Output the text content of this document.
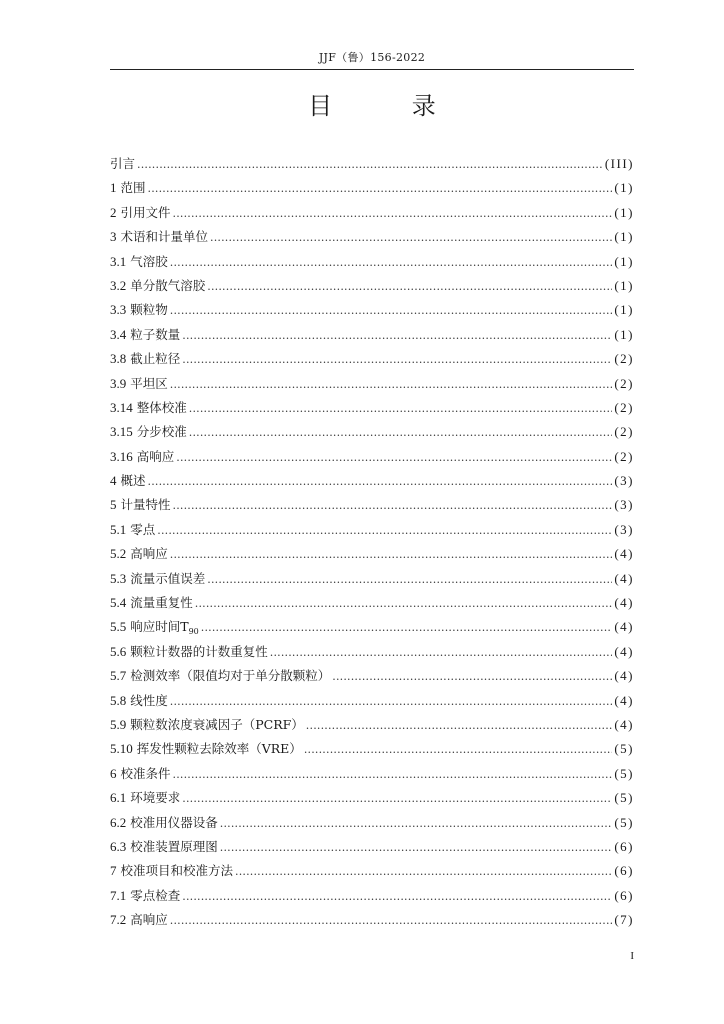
JJF（鲁）156-2022
目 录
引言 .....	(III)
1 范围 .....	(1)
2 引用文件 .....	(1)
3 术语和计量单位 .....	(1)
3.1 气溶胶 .....	(1)
3.2 单分散气溶胶 .....	(1)
3.3 颗粒物 .....	(1)
3.4 粒子数量 .....	(1)
3.8 截止粒径 .....	(2)
3.9 平坦区 .....	(2)
3.14 整体校准 .....	(2)
3.15 分步校准 .....	(2)
3.16 高响应 .....	(2)
4 概述 .....	(3)
5 计量特性 .....	(3)
5.1 零点 .....	(3)
5.2 高响应 .....	(4)
5.3 流量示值误差 .....	(4)
5.4 流量重复性 .....	(4)
5.5 响应时间$T_{90}$ .....	(4)
5.6 颗粒计数器的计数重复性 .....	(4)
5.7 检测效率（限值均对于单分散颗粒） .....	(4)
5.8 线性度 .....	(4)
5.9 颗粒数浓度衰减因子（PCRF） .....	(4)
5.10 挥发性颗粒去除效率（VRE） .....	(5)
6 校准条件 .....	(5)
6.1 环境要求 .....	(5)
6.2 校准用仪器设备 .....	(5)
6.3 校准装置原理图 .....	(6)
7 校准项目和校准方法 .....	(6)
7.1 零点检查 .....	(6)
7.2 高响应 .....	(7)
I
